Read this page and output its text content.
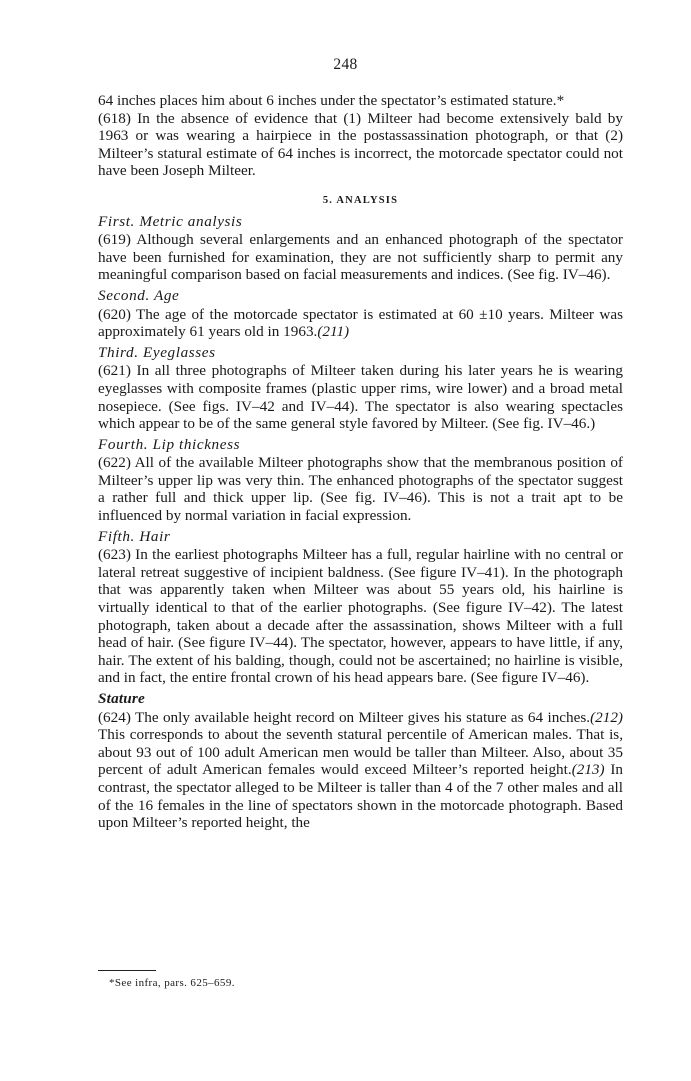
248

64 inches places him about 6 inches under the spectator’s estimated stature.*

(618) In the absence of evidence that (1) Milteer had become extensively bald by 1963 or was wearing a hairpiece in the postassassination photograph, or that (2) Milteer’s statural estimate of 64 inches is incorrect, the motorcade spectator could not have been Joseph Milteer.

5. ANALYSIS
First. Metric analysis

(619) Although several enlargements and an enhanced photograph of the spectator have been furnished for examination, they are not sufficiently sharp to permit any meaningful comparison based on facial measurements and indices. (See fig. IV–46).

Second. Age

(620) The age of the motorcade spectator is estimated at 60 ±10 years. Milteer was approximately 61 years old in 1963.(211)

Third. Eyeglasses

(621) In all three photographs of Milteer taken during his later years he is wearing eyeglasses with composite frames (plastic upper rims, wire lower) and a broad metal nosepiece. (See figs. IV–42 and IV–44). The spectator is also wearing spectacles which appear to be of the same general style favored by Milteer. (See fig. IV–46.)

Fourth. Lip thickness

(622) All of the available Milteer photographs show that the membranous position of Milteer’s upper lip was very thin. The enhanced photographs of the spectator suggest a rather full and thick upper lip. (See fig. IV–46). This is not a trait apt to be influenced by normal variation in facial expression.

Fifth. Hair

(623) In the earliest photographs Milteer has a full, regular hairline with no central or lateral retreat suggestive of incipient baldness. (See figure IV–41). In the photograph that was apparently taken when Milteer was about 55 years old, his hairline is virtually identical to that of the earlier photographs. (See figure IV–42). The latest photograph, taken about a decade after the assassination, shows Milteer with a full head of hair. (See figure IV–44). The spectator, however, appears to have little, if any, hair. The extent of his balding, though, could not be ascertained; no hairline is visible, and in fact, the entire frontal crown of his head appears bare. (See figure IV–46).

Stature

(624) The only available height record on Milteer gives his stature as 64 inches.(212) This corresponds to about the seventh statural percentile of American males. That is, about 93 out of 100 adult American men would be taller than Milteer. Also, about 35 percent of adult American females would exceed Milteer’s reported height.(213) In contrast, the spectator alleged to be Milteer is taller than 4 of the 7 other males and all of the 16 females in the line of spectators shown in the motorcade photograph. Based upon Milteer’s reported height, the

*See infra, pars. 625–659.
